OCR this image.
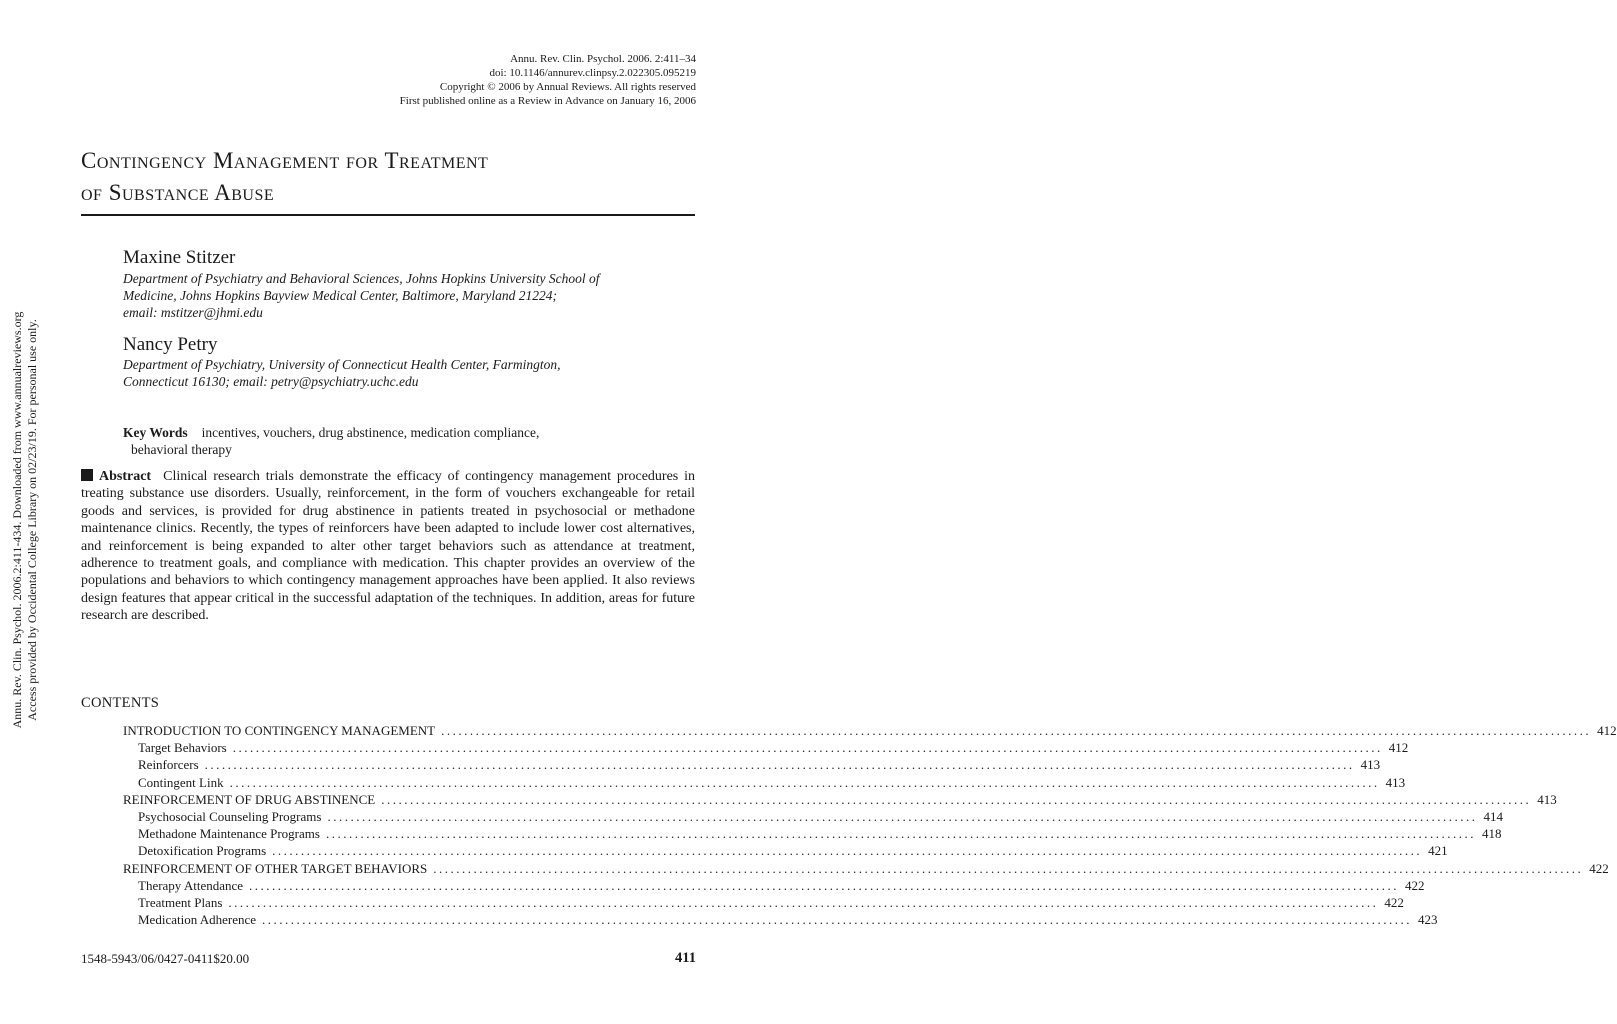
Annu. Rev. Clin. Psychol. 2006. 2:411–34
doi: 10.1146/annurev.clinpsy.2.022305.095219
Copyright © 2006 by Annual Reviews. All rights reserved
First published online as a Review in Advance on January 16, 2006
Annu. Rev. Clin. Psychol. 2006.2:411-434. Downloaded from www.annualreviews.org Access provided by Occidental College Library on 02/23/19. For personal use only.
Contingency Management for Treatment
of Substance Abuse
Maxine Stitzer
Department of Psychiatry and Behavioral Sciences, Johns Hopkins University School of
Medicine, Johns Hopkins Bayview Medical Center, Baltimore, Maryland 21224;
email: mstitzer@jhmi.edu
Nancy Petry
Department of Psychiatry, University of Connecticut Health Center, Farmington,
Connecticut 16130; email: petry@psychiatry.uchc.edu
Key Words incentives, vouchers, drug abstinence, medication compliance,
behavioral therapy
Abstract Clinical research trials demonstrate the efficacy of contingency management procedures in treating substance use disorders. Usually, reinforcement, in the form of vouchers exchangeable for retail goods and services, is provided for drug abstinence in patients treated in psychosocial or methadone maintenance clinics. Recently, the types of reinforcers have been adapted to include lower cost alternatives, and reinforcement is being expanded to alter other target behaviors such as attendance at treatment, adherence to treatment goals, and compliance with medication. This chapter provides an overview of the populations and behaviors to which contingency management approaches have been applied. It also reviews design features that appear critical in the successful adaptation of the techniques. In addition, areas for future research are described.
CONTENTS
INTRODUCTION TO CONTINGENCY MANAGEMENT ........................................................................................................................................................................................................ 412
Target Behaviors ........................................................................................................................................................................................................ 412
Reinforcers ........................................................................................................................................................................................................ 413
Contingent Link ........................................................................................................................................................................................................ 413
REINFORCEMENT OF DRUG ABSTINENCE ........................................................................................................................................................................................................ 413
Psychosocial Counseling Programs ........................................................................................................................................................................................................ 414
Methadone Maintenance Programs ........................................................................................................................................................................................................ 418
Detoxification Programs ........................................................................................................................................................................................................ 421
REINFORCEMENT OF OTHER TARGET BEHAVIORS ........................................................................................................................................................................................................ 422
Therapy Attendance ........................................................................................................................................................................................................ 422
Treatment Plans ........................................................................................................................................................................................................ 422
Medication Adherence ........................................................................................................................................................................................................ 423
1548-5943/06/0427-0411$20.00	411
